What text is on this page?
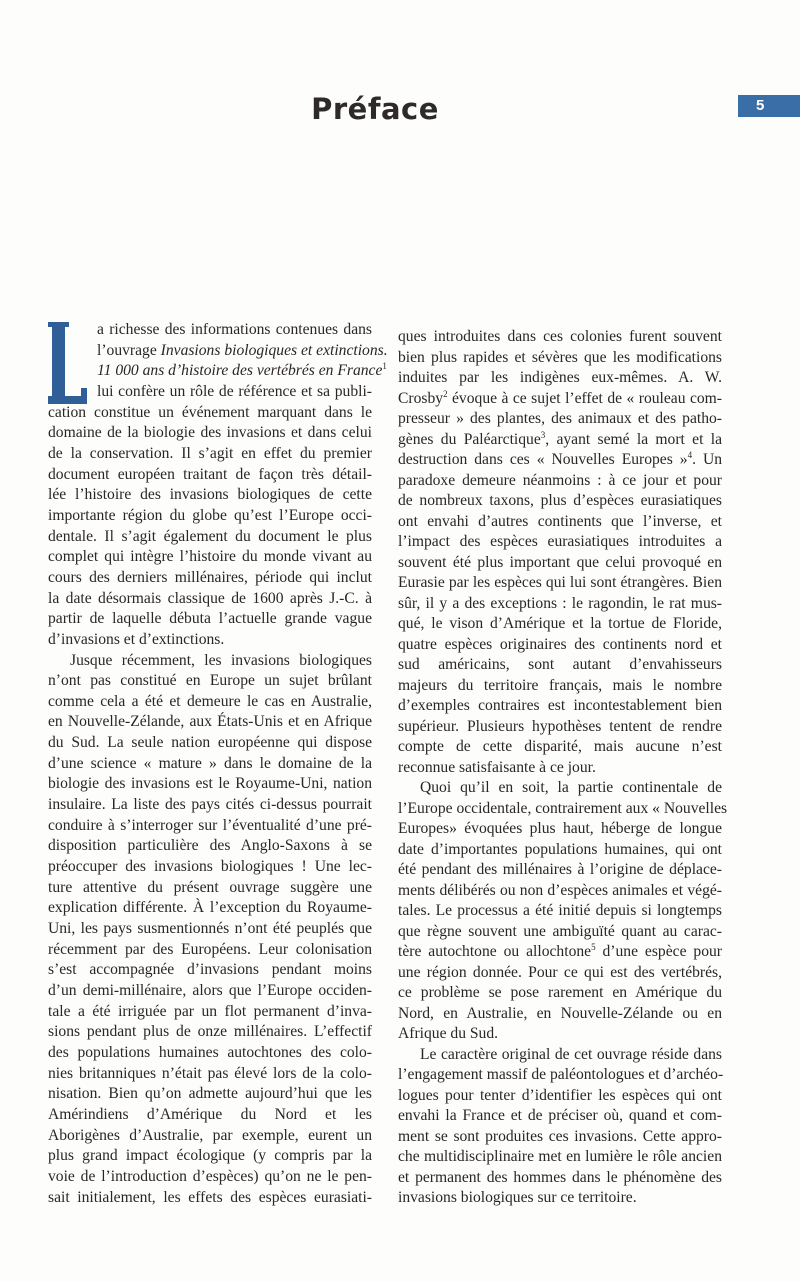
Préface	5
a richesse des informations contenues dans
l’ouvrage Invasions biologiques et extinctions.
11 000 ans d’histoire des vertébrés en France$^1$
lui confère un rôle de référence et sa publi-
cation constitue un événement marquant dans le
domaine de la biologie des invasions et dans celui
de la conservation. Il s’agit en effet du premier
document européen traitant de façon très détail-
lée l’histoire des invasions biologiques de cette
importante région du globe qu’est l’Europe occi-
dentale. Il s’agit également du document le plus
complet qui intègre l’histoire du monde vivant au
cours des derniers millénaires, période qui inclut
la date désormais classique de 1600 après J.-C. à
partir de laquelle débuta l’actuelle grande vague
d’invasions et d’extinctions.
Jusque récemment, les invasions biologiques
n’ont pas constitué en Europe un sujet brûlant
comme cela a été et demeure le cas en Australie,
en Nouvelle-Zélande, aux États-Unis et en Afrique
du Sud. La seule nation européenne qui dispose
d’une science « mature » dans le domaine de la
biologie des invasions est le Royaume-Uni, nation
insulaire. La liste des pays cités ci-dessus pourrait
conduire à s’interroger sur l’éventualité d’une pré-
disposition particulière des Anglo-Saxons à se
préoccuper des invasions biologiques ! Une lec-
ture attentive du présent ouvrage suggère une
explication différente. À l’exception du Royaume-
Uni, les pays susmentionnés n’ont été peuplés que
récemment par des Européens. Leur colonisation
s’est accompagnée d’invasions pendant moins
d’un demi-millénaire, alors que l’Europe occiden-
tale a été irriguée par un flot permanent d’inva-
sions pendant plus de onze millénaires. L’effectif
des populations humaines autochtones des colo-
nies britanniques n’était pas élevé lors de la colo-
nisation. Bien qu’on admette aujourd’hui que les
Amérindiens d’Amérique du Nord et les
Aborigènes d’Australie, par exemple, eurent un
plus grand impact écologique (y compris par la
voie de l’introduction d’espèces) qu’on ne le pen-
sait initialement, les effets des espèces eurasiati-
ques introduites dans ces colonies furent souvent
bien plus rapides et sévères que les modifications
induites par les indigènes eux-mêmes. A. W.
Crosby$^2$ évoque à ce sujet l’effet de « rouleau com-
presseur » des plantes, des animaux et des patho-
gènes du Paléarctique$^3$, ayant semé la mort et la
destruction dans ces « Nouvelles Europes »$^4$. Un
paradoxe demeure néanmoins : à ce jour et pour
de nombreux taxons, plus d’espèces eurasiatiques
ont envahi d’autres continents que l’inverse, et
l’impact des espèces eurasiatiques introduites a
souvent été plus important que celui provoqué en
Eurasie par les espèces qui lui sont étrangères. Bien
sûr, il y a des exceptions : le ragondin, le rat mus-
qué, le vison d’Amérique et la tortue de Floride,
quatre espèces originaires des continents nord et
sud américains, sont autant d’envahisseurs
majeurs du territoire français, mais le nombre
d’exemples contraires est incontestablement bien
supérieur. Plusieurs hypothèses tentent de rendre
compte de cette disparité, mais aucune n’est
reconnue satisfaisante à ce jour.
Quoi qu’il en soit, la partie continentale de
l’Europe occidentale, contrairement aux « Nouvelles
Europes» évoquées plus haut, héberge de longue
date d’importantes populations humaines, qui ont
été pendant des millénaires à l’origine de déplace-
ments délibérés ou non d’espèces animales et végé-
tales. Le processus a été initié depuis si longtemps
que règne souvent une ambiguïté quant au carac-
tère autochtone ou allochtone$^5$ d’une espèce pour
une région donnée. Pour ce qui est des vertébrés,
ce problème se pose rarement en Amérique du
Nord, en Australie, en Nouvelle-Zélande ou en
Afrique du Sud.
Le caractère original de cet ouvrage réside dans
l’engagement massif de paléontologues et d’archéo-
logues pour tenter d’identifier les espèces qui ont
envahi la France et de préciser où, quand et com-
ment se sont produites ces invasions. Cette appro-
che multidisciplinaire met en lumière le rôle ancien
et permanent des hommes dans le phénomène des
invasions biologiques sur ce territoire.
